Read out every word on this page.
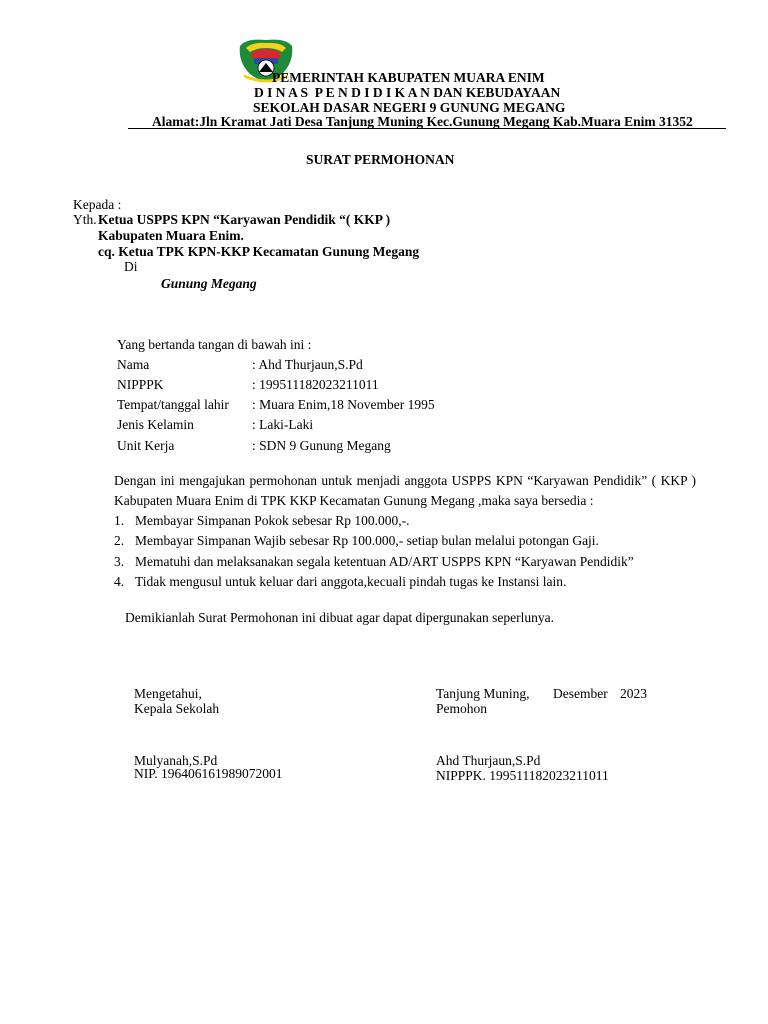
PEMERINTAH KABUPATEN MUARA ENIM
D I N A S  P E N D I D I K A N DAN KEBUDAYAAN
SEKOLAH DASAR NEGERI 9 GUNUNG MEGANG
Alamat:Jln Kramat Jati Desa Tanjung Muning Kec.Gunung Megang Kab.Muara Enim 31352
SURAT PERMOHONAN
Kepada :
Yth. Ketua USPPS KPN “Karyawan Pendidik “( KKP )
Kabupaten Muara Enim.
cq. Ketua TPK KPN-KKP Kecamatan Gunung Megang
Di
Gunung Megang
Yang bertanda tangan di bawah ini :
Nama	: Ahd Thurjaun,S.Pd
NIPPPK	: 199511182023211011
Tempat/tanggal lahir : Muara Enim,18 November 1995
Jenis Kelamin	: Laki-Laki
Unit Kerja	: SDN 9 Gunung Megang
Dengan ini mengajukan permohonan untuk menjadi anggota USPPS KPN “Karyawan Pendidik” ( KKP ) Kabupaten Muara Enim di TPK KKP Kecamatan Gunung Megang ,maka saya bersedia :
1. Membayar Simpanan Pokok sebesar Rp 100.000,-.
2. Membayar Simpanan Wajib sebesar Rp 100.000,- setiap bulan melalui potongan Gaji.
3. Mematuhi dan melaksanakan segala ketentuan AD/ART USPPS KPN “Karyawan Pendidik”
4. Tidak mengusul untuk keluar dari anggota,kecuali pindah tugas ke Instansi lain.
Demikianlah Surat Permohonan ini dibuat agar dapat dipergunakan seperlunya.
Mengetahui,
Kepala Sekolah
Mulyanah,S.Pd
NIP. 196406161989072001
Tanjung Muning, Desember 2023
Pemohon
Ahd Thurjaun,S.Pd
NIPPPK. 199511182023211011
